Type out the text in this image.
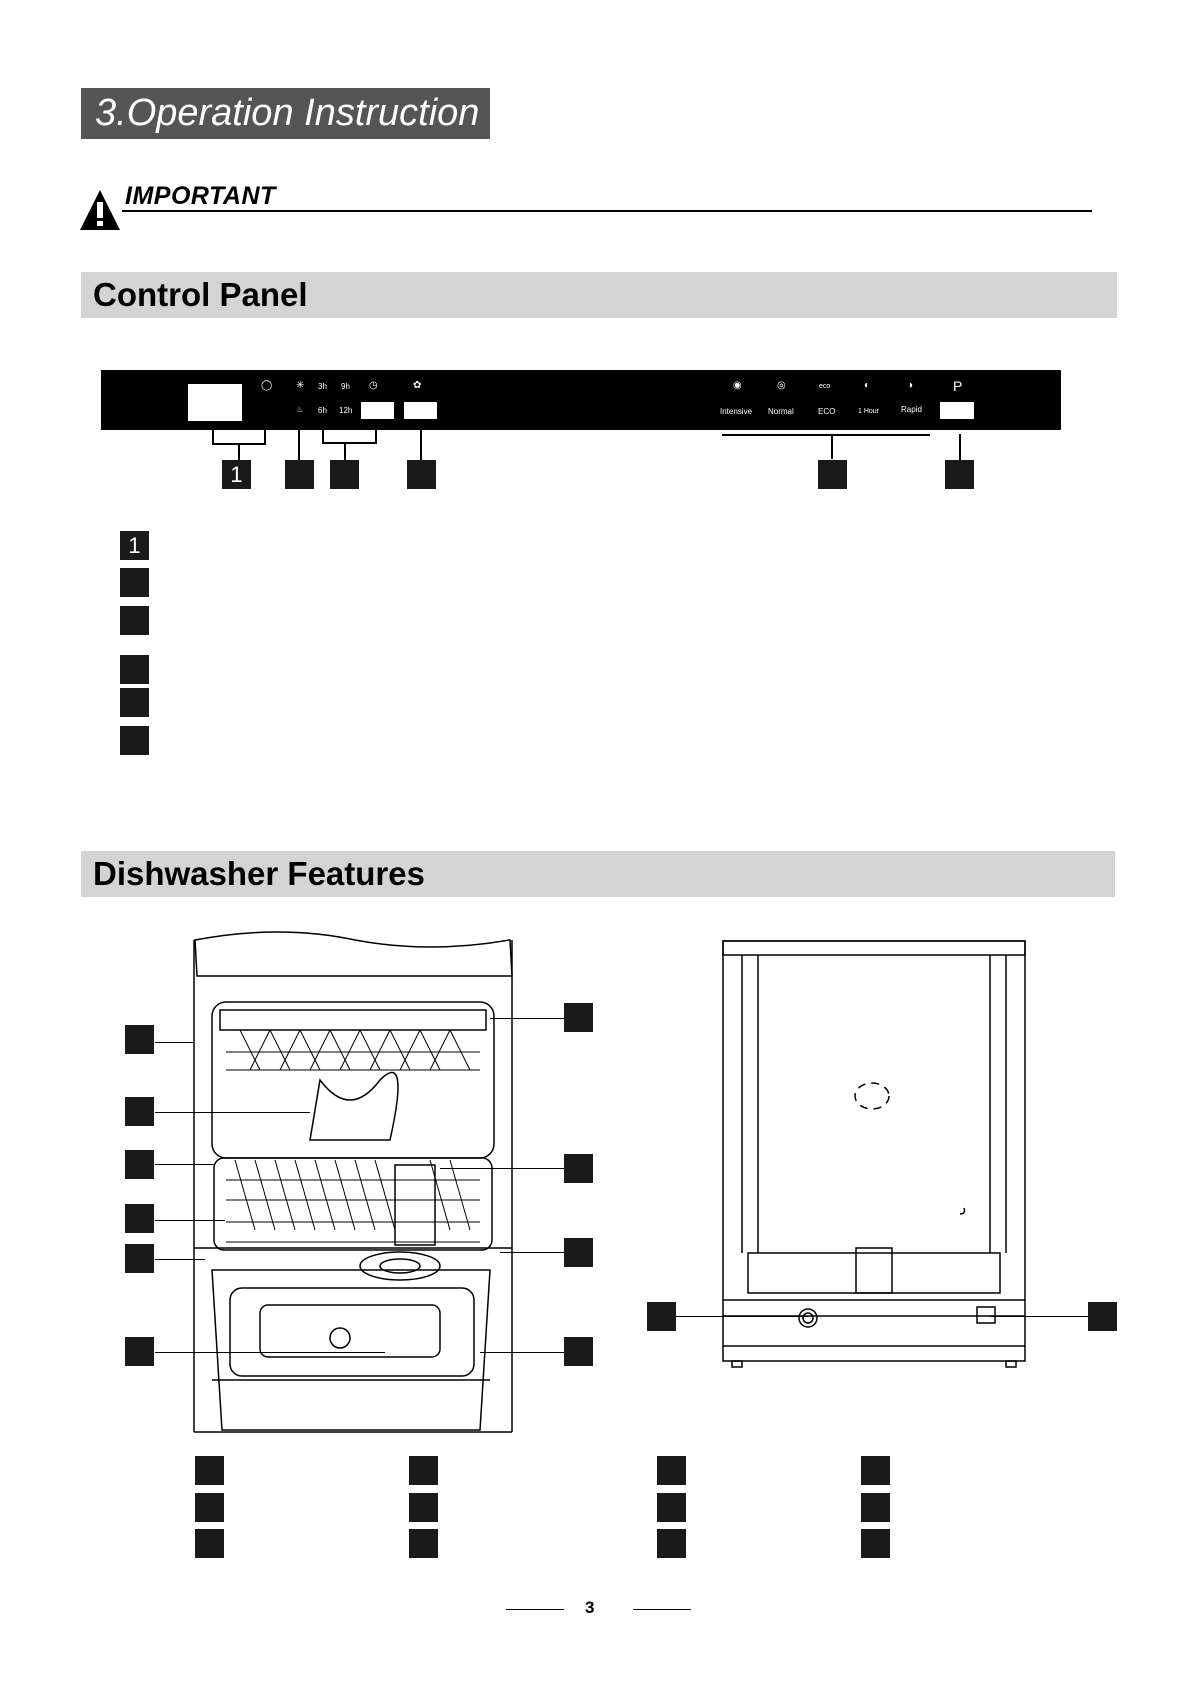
3.Operation Instruction
IMPORTANT
Control Panel
◯ ✳
♨
3h 9h
6h 12h
◷	✿	◉	◎	eco	◐	◑
Intensive Normal	ECO	1 Hour	Rapid
P
1
1
Dishwasher Features
3
